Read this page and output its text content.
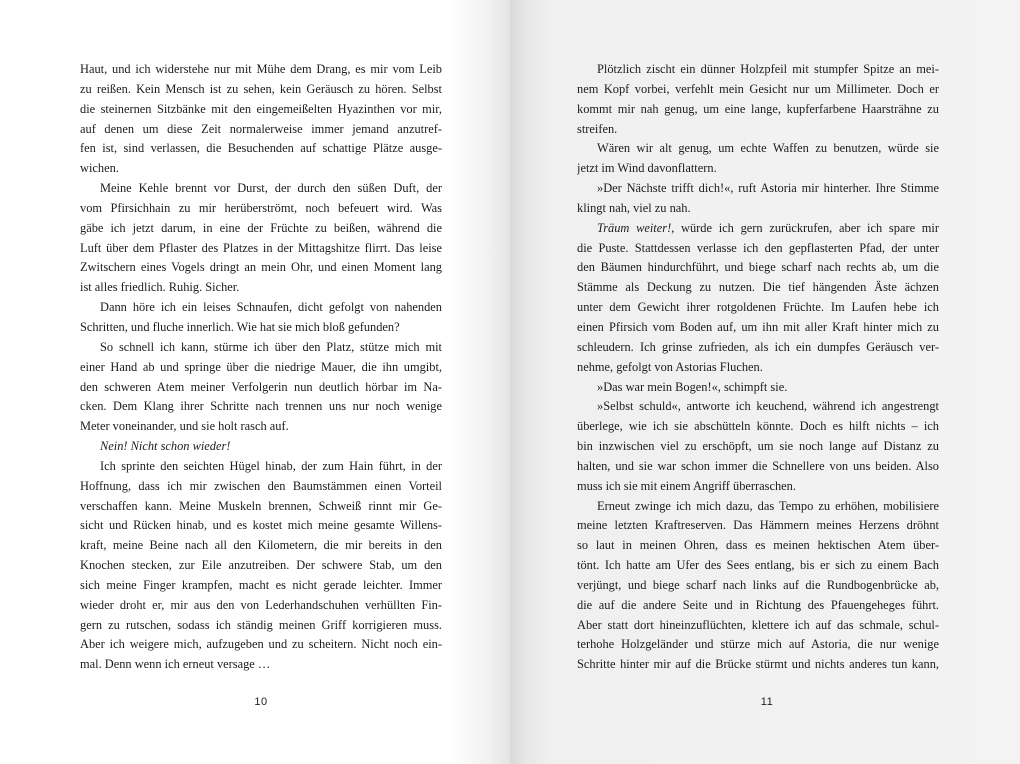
Haut, und ich widerstehe nur mit Mühe dem Drang, es mir vom Leib
zu reißen. Kein Mensch ist zu sehen, kein Geräusch zu hören. Selbst
die steinernen Sitzbänke mit den eingemeißelten Hyazinthen vor mir,
auf denen um diese Zeit normalerweise immer jemand anzutref-
fen ist, sind verlassen, die Besuchenden auf schattige Plätze ausge-
wichen.
Meine Kehle brennt vor Durst, der durch den süßen Duft, der
vom Pfirsichhain zu mir herüberströmt, noch befeuert wird. Was
gäbe ich jetzt darum, in eine der Früchte zu beißen, während die
Luft über dem Pflaster des Platzes in der Mittagshitze flirrt. Das leise
Zwitschern eines Vogels dringt an mein Ohr, und einen Moment lang
ist alles friedlich. Ruhig. Sicher.
Dann höre ich ein leises Schnaufen, dicht gefolgt von nahenden
Schritten, und fluche innerlich. Wie hat sie mich bloß gefunden?
So schnell ich kann, stürme ich über den Platz, stütze mich mit
einer Hand ab und springe über die niedrige Mauer, die ihn umgibt,
den schweren Atem meiner Verfolgerin nun deutlich hörbar im Na-
cken. Dem Klang ihrer Schritte nach trennen uns nur noch wenige
Meter voneinander, und sie holt rasch auf.
Nein! Nicht schon wieder!
Ich sprinte den seichten Hügel hinab, der zum Hain führt, in der
Hoffnung, dass ich mir zwischen den Baumstämmen einen Vorteil
verschaffen kann. Meine Muskeln brennen, Schweiß rinnt mir Ge-
sicht und Rücken hinab, und es kostet mich meine gesamte Willens-
kraft, meine Beine nach all den Kilometern, die mir bereits in den
Knochen stecken, zur Eile anzutreiben. Der schwere Stab, um den
sich meine Finger krampfen, macht es nicht gerade leichter. Immer
wieder droht er, mir aus den von Lederhandschuhen verhüllten Fin-
gern zu rutschen, sodass ich ständig meinen Griff korrigieren muss.
Aber ich weigere mich, aufzugeben und zu scheitern. Nicht noch ein-
mal. Denn wenn ich erneut versage …
10
Plötzlich zischt ein dünner Holzpfeil mit stumpfer Spitze an mei-
nem Kopf vorbei, verfehlt mein Gesicht nur um Millimeter. Doch er
kommt mir nah genug, um eine lange, kupferfarbene Haarsträhne zu
streifen.
Wären wir alt genug, um echte Waffen zu benutzen, würde sie
jetzt im Wind davonflattern.
»Der Nächste trifft dich!«, ruft Astoria mir hinterher. Ihre Stimme
klingt nah, viel zu nah.
Träum weiter!, würde ich gern zurückrufen, aber ich spare mir
die Puste. Stattdessen verlasse ich den gepflasterten Pfad, der unter
den Bäumen hindurchführt, und biege scharf nach rechts ab, um die
Stämme als Deckung zu nutzen. Die tief hängenden Äste ächzen
unter dem Gewicht ihrer rotgoldenen Früchte. Im Laufen hebe ich
einen Pfirsich vom Boden auf, um ihn mit aller Kraft hinter mich zu
schleudern. Ich grinse zufrieden, als ich ein dumpfes Geräusch ver-
nehme, gefolgt von Astorias Fluchen.
»Das war mein Bogen!«, schimpft sie.
»Selbst schuld«, antworte ich keuchend, während ich angestrengt
überlege, wie ich sie abschütteln könnte. Doch es hilft nichts – ich
bin inzwischen viel zu erschöpft, um sie noch lange auf Distanz zu
halten, und sie war schon immer die Schnellere von uns beiden. Also
muss ich sie mit einem Angriff überraschen.
Erneut zwinge ich mich dazu, das Tempo zu erhöhen, mobilisiere
meine letzten Kraftreserven. Das Hämmern meines Herzens dröhnt
so laut in meinen Ohren, dass es meinen hektischen Atem über-
tönt. Ich hatte am Ufer des Sees entlang, bis er sich zu einem Bach
verjüngt, und biege scharf nach links auf die Rundbogenbrücke ab,
die auf die andere Seite und in Richtung des Pfauengeheges führt.
Aber statt dort hineinzuflüchten, klettere ich auf das schmale, schul-
terhohe Holzgeländer und stürze mich auf Astoria, die nur wenige
Schritte hinter mir auf die Brücke stürmt und nichts anderes tun kann,
11
